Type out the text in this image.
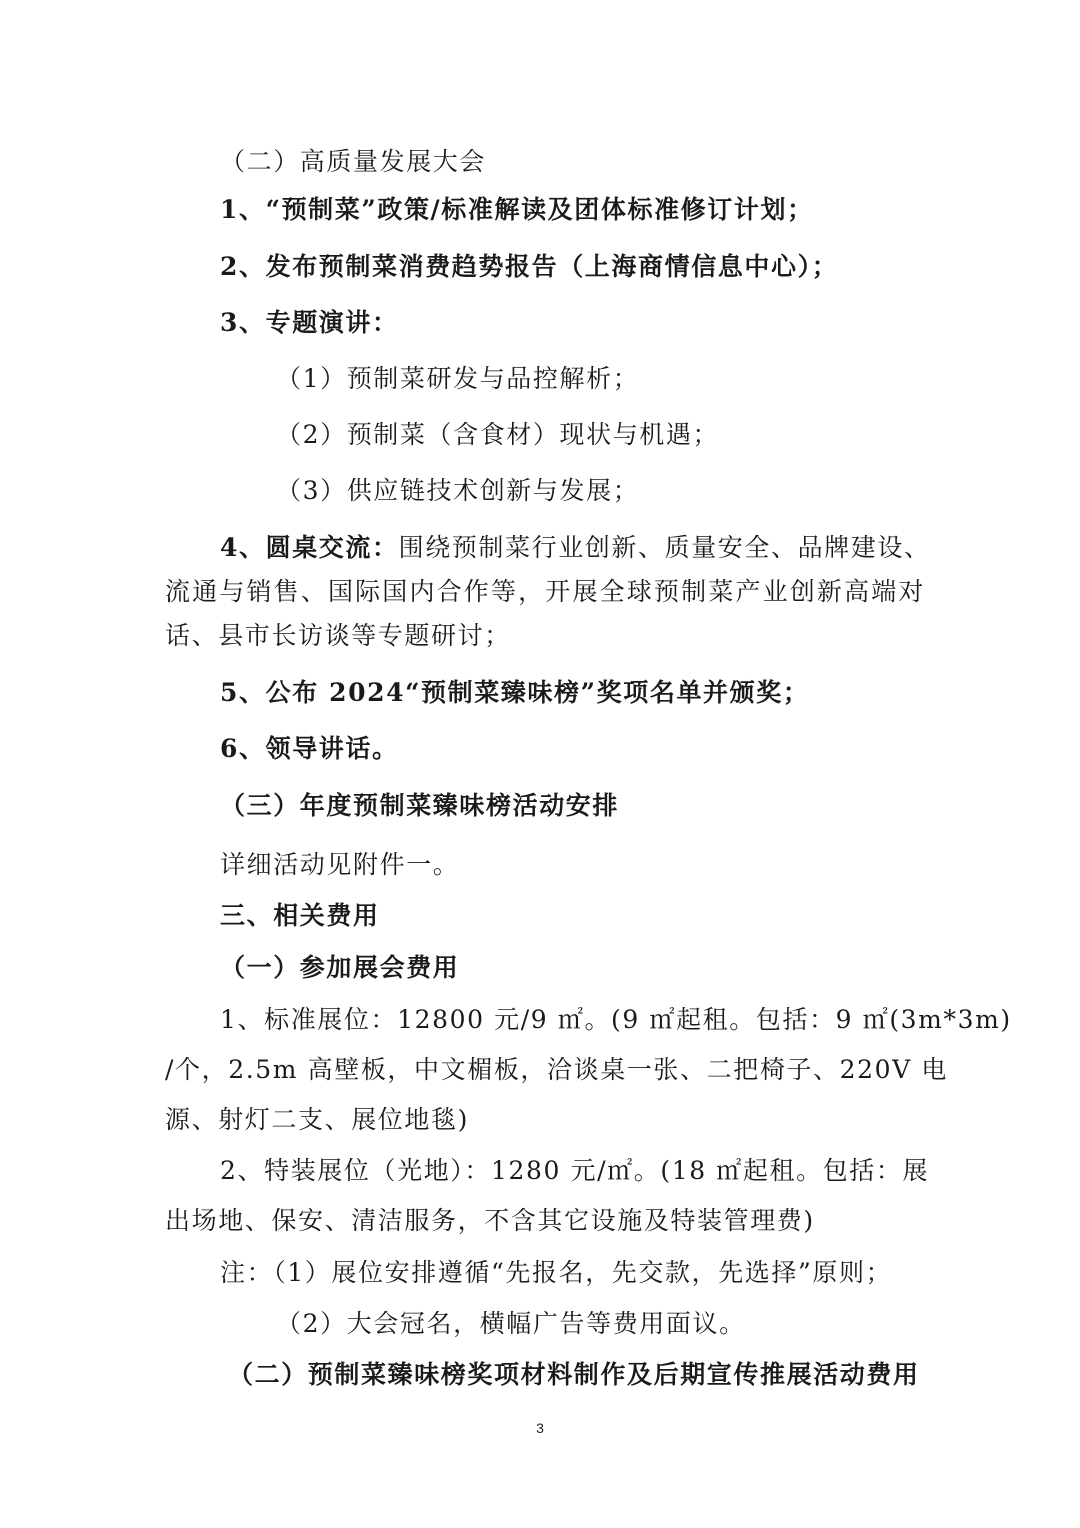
（二）高质量发展大会
1、“预制菜”政策/标准解读及团体标准修订计划；
2、发布预制菜消费趋势报告（上海商情信息中心）；
3、专题演讲：
（1）预制菜研发与品控解析；
（2）预制菜（含食材）现状与机遇；
（3）供应链技术创新与发展；
4、圆桌交流：围绕预制菜行业创新、质量安全、品牌建设、
流通与销售、国际国内合作等，开展全球预制菜产业创新高端对
话、县市长访谈等专题研讨；
5、公布 2024“预制菜臻味榜”奖项名单并颁奖；
6、领导讲话。
（三）年度预制菜臻味榜活动安排
详细活动见附件一。
三、相关费用
（一）参加展会费用
1、标准展位：12800 元/9 ㎡。(9 ㎡起租。包括：9 ㎡(3m*3m)
/个，2.5m 高壁板，中文楣板，洽谈桌一张、二把椅子、220V 电
源、射灯二支、展位地毯)
2、特装展位（光地）：1280 元/㎡。(18 ㎡起租。包括：展
出场地、保安、清洁服务，不含其它设施及特装管理费)
注：（1）展位安排遵循“先报名，先交款，先选择”原则；
（2）大会冠名，横幅广告等费用面议。
（二）预制菜臻味榜奖项材料制作及后期宣传推展活动费用
3
